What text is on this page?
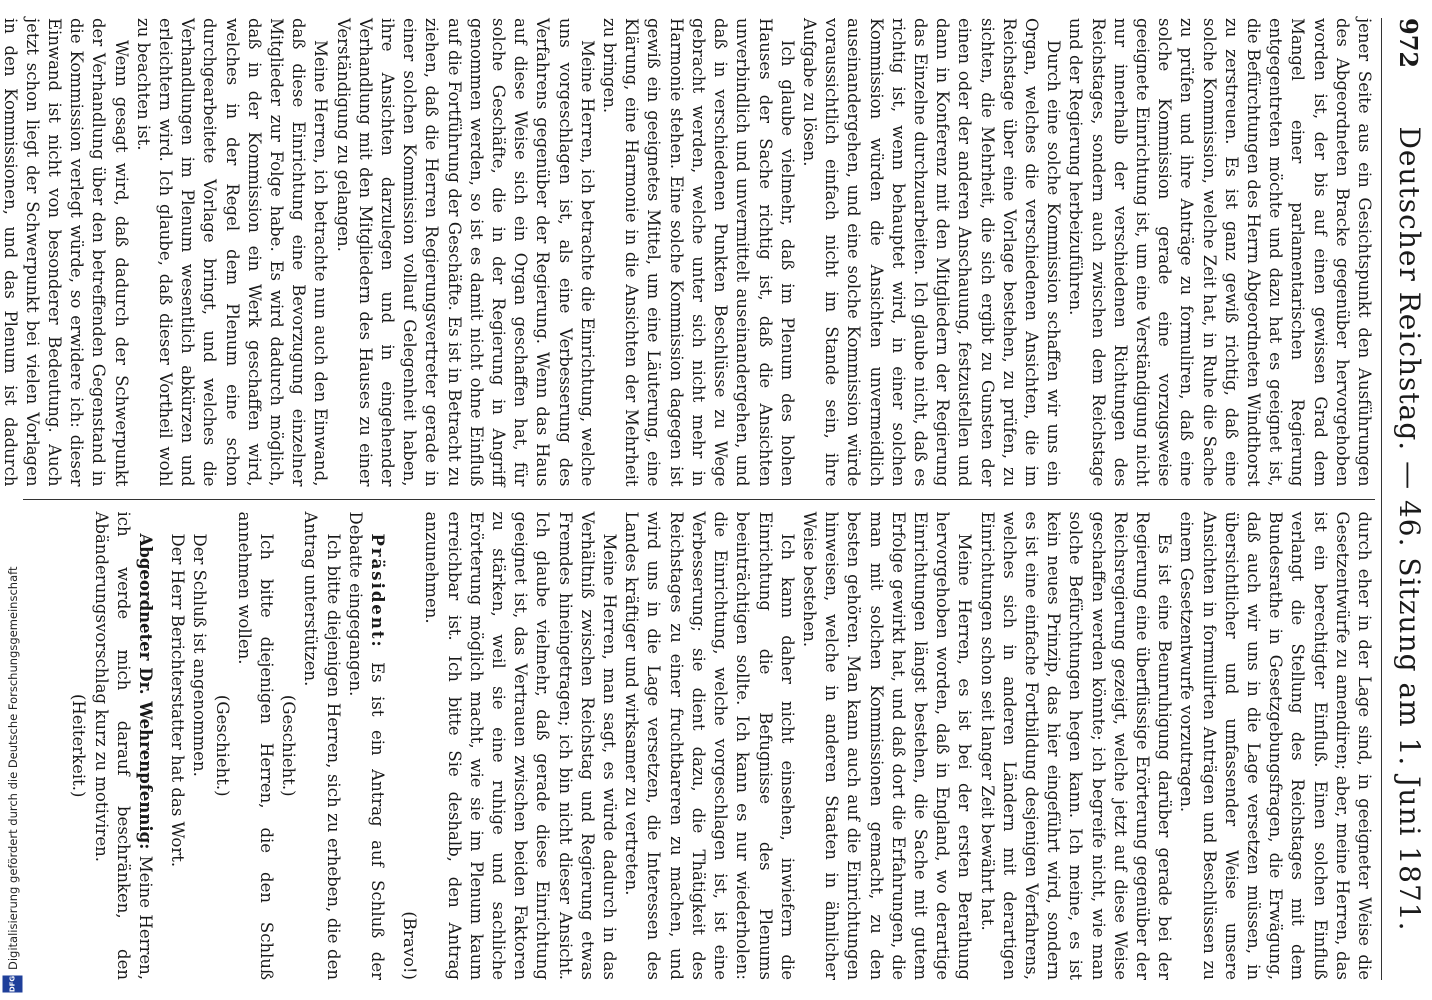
972
Deutscher Reichstag. — 46. Sitzung am 1. Juni 1871.

jener Seite aus ein Gesichtspunkt den Ausführungen des Abgeordneten Bracke gegenüber hervorgehoben worden ist, der bis auf einen gewissen Grad dem Mangel einer parlamentarischen Regierung entgegentreten möchte und dazu hat es geeignet ist, die Befürchtungen des Herrn Abgeordneten Windthorst zu zerstreuen. Es ist ganz gewiß richtig, daß eine solche Kommission, welche Zeit hat, in Ruhe die Sache zu prüfen und ihre Anträge zu formuliren, daß eine solche Kommission gerade eine vorzugsweise geeignete Einrichtung ist, um eine Verständigung nicht nur innerhalb der verschiedenen Richtungen des Reichstages, sondern auch zwischen dem Reichstage und der Regierung herbeizuführen.

Durch eine solche Kommission schaffen wir uns ein Organ, welches die verschiedenen Ansichten, die im Reichstage über eine Vorlage bestehen, zu prüfen, zu sichten, die Mehrheit, die sich ergibt zu Gunsten der einen oder der anderen Anschauung, festzustellen und dann in Konferenz mit den Mitgliedern der Regierung das Einzelne durchzuarbeiten. Ich glaube nicht, daß es richtig ist, wenn behauptet wird, in einer solchen Kommission würden die Ansichten unvermeidlich auseinandergehen, und eine solche Kommission würde voraussichtlich einfach nicht im Stande sein, ihre Aufgabe zu lösen.

Ich glaube vielmehr, daß im Plenum des hohen Hauses der Sache richtig ist, daß die Ansichten unverbindlich und unvermittelt auseinandergehen, und daß in verschiedenen Punkten Beschlüsse zu Wege gebracht werden, welche unter sich nicht mehr in Harmonie stehen. Eine solche Kommission dagegen ist gewiß ein geeignetes Mittel, um eine Läuterung, eine Klärung, eine Harmonie in die Ansichten der Mehrheit zu bringen.

Meine Herren, ich betrachte die Einrichtung, welche uns vorgeschlagen ist, als eine Verbesserung des Verfahrens gegenüber der Regierung. Wenn das Haus auf diese Weise sich ein Organ geschaffen hat, für solche Geschäfte, die in der Regierung in Angriff genommen werden, so ist es damit nicht ohne Einfluß auf die Fortführung der Geschäfte. Es ist in Betracht zu ziehen, daß die Herren Regierungsvertreter gerade in einer solchen Kommission vollauf Gelegenheit haben, ihre Ansichten darzulegen und in eingehender Verhandlung mit den Mitgliedern des Hauses zu einer Verständigung zu gelangen.

Meine Herren, ich betrachte nun auch den Einwand, daß diese Einrichtung eine Bevorzugung einzelner Mitglieder zur Folge habe. Es wird dadurch möglich, daß in der Kommission ein Werk geschaffen wird, welches in der Regel dem Plenum eine schon durchgearbeitete Vorlage bringt, und welches die Verhandlungen im Plenum wesentlich abkürzen und erleichtern wird. Ich glaube, daß dieser Vortheil wohl zu beachten ist.

Wenn gesagt wird, daß dadurch der Schwerpunkt der Verhandlung über den betreffenden Gegenstand in die Kommission verlegt würde, so erwidere ich: dieser Einwand ist nicht von besonderer Bedeutung. Auch jetzt schon liegt der Schwerpunkt bei vielen Vorlagen in den Kommissionen, und das Plenum ist dadurch

durch eher in der Lage sind, in geeigneter Weise die Gesetzentwürfe zu amendiren; aber, meine Herren, das ist ein berechtigter Einfluß. Einen solchen Einfluß verlangt die Stellung des Reichstages mit dem Bundesrathe in Gesetzgebungsfragen, die Erwägung, daß auch wir uns in die Lage versetzen müssen, in übersichtlicher und umfassender Weise unsere Ansichten in formulirten Anträgen und Beschlüssen zu einem Gesetzentwurfe vorzutragen.

Es ist eine Beunruhigung darüber gerade bei der Regierung eine überflüssige Erörterung gegenüber der Reichsregierung gezeigt, welche jetzt auf diese Weise geschaffen werden könnte; ich begreife nicht, wie man solche Befürchtungen hegen kann. Ich meine, es ist kein neues Prinzip, das hier eingeführt wird, sondern es ist eine einfache Fortbildung desjenigen Verfahrens, welches sich in anderen Ländern mit derartigen Einrichtungen schon seit langer Zeit bewährt hat.

Meine Herren, es ist bei der ersten Berathung hervorgehoben worden, daß in England, wo derartige Einrichtungen längst bestehen, die Sache mit gutem Erfolge gewirkt hat, und daß dort die Erfahrungen, die man mit solchen Kommissionen gemacht, zu den besten gehören. Man kann auch auf die Einrichtungen hinweisen, welche in anderen Staaten in ähnlicher Weise bestehen.

Ich kann daher nicht einsehen, inwiefern die Einrichtung die Befugnisse des Plenums beeinträchtigen sollte. Ich kann es nur wiederholen: die Einrichtung, welche vorgeschlagen ist, ist eine Verbesserung; sie dient dazu, die Thätigkeit des Reichstages zu einer fruchtbareren zu machen, und wird uns in die Lage versetzen, die Interessen des Landes kräftiger und wirksamer zu vertreten.

Meine Herren, man sagt, es würde dadurch in das Verhältniß zwischen Reichstag und Regierung etwas Fremdes hineingetragen; ich bin nicht dieser Ansicht. Ich glaube vielmehr, daß gerade diese Einrichtung geeignet ist, das Vertrauen zwischen beiden Faktoren zu stärken, weil sie eine ruhige und sachliche Erörterung möglich macht, wie sie im Plenum kaum erreichbar ist. Ich bitte Sie deshalb, den Antrag anzunehmen.

(Bravo!)

Präsident: Es ist ein Antrag auf Schluß der Debatte eingegangen.

Ich bitte diejenigen Herren, sich zu erheben, die den Antrag unterstützen.

(Geschieht.)

Ich bitte diejenigen Herren, die den Schluß annehmen wollen.

(Geschieht.)

Der Schluß ist angenommen.

Der Herr Berichterstatter hat das Wort.

Abgeordneter Dr. Wehrenpfennig: Meine Herren, ich werde mich darauf beschränken, den Abänderungsvorschlag kurz zu motiviren.

(Heiterkeit.)

Digitalisierung gefördert durch die Deutsche Forschungsgemeinschaft
DFG
